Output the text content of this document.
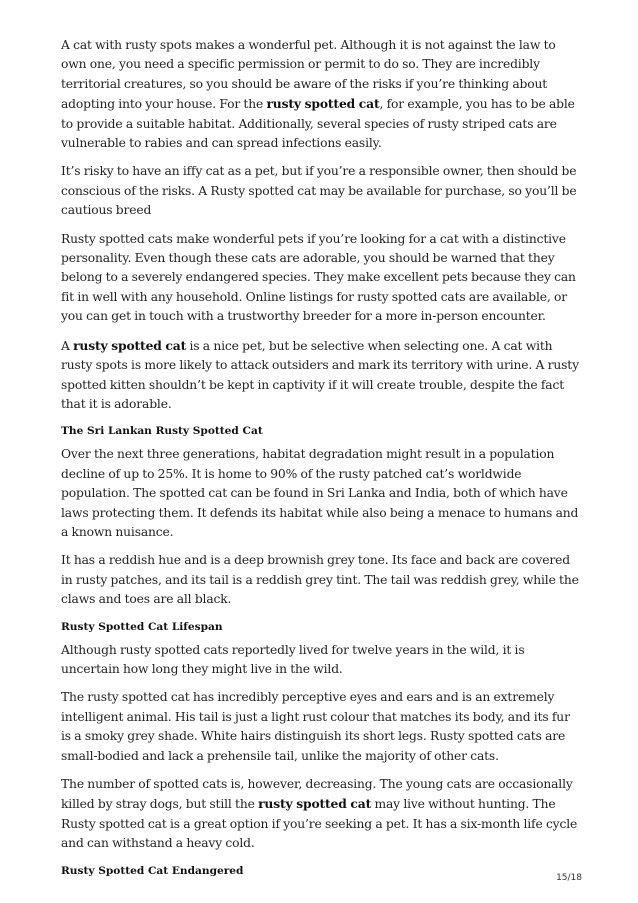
A cat with rusty spots makes a wonderful pet. Although it is not against the law to own one, you need a specific permission or permit to do so. They are incredibly territorial creatures, so you should be aware of the risks if you’re thinking about adopting into your house. For the rusty spotted cat, for example, you has to be able to provide a suitable habitat. Additionally, several species of rusty striped cats are vulnerable to rabies and can spread infections easily.

It’s risky to have an iffy cat as a pet, but if you’re a responsible owner, then should be conscious of the risks. A Rusty spotted cat may be available for purchase, so you’ll be cautious breed

Rusty spotted cats make wonderful pets if you’re looking for a cat with a distinctive personality. Even though these cats are adorable, you should be warned that they belong to a severely endangered species. They make excellent pets because they can fit in well with any household. Online listings for rusty spotted cats are available, or you can get in touch with a trustworthy breeder for a more in-person encounter.

A rusty spotted cat is a nice pet, but be selective when selecting one. A cat with rusty spots is more likely to attack outsiders and mark its territory with urine. A rusty spotted kitten shouldn’t be kept in captivity if it will create trouble, despite the fact that it is adorable.

The Sri Lankan Rusty Spotted Cat

Over the next three generations, habitat degradation might result in a population decline of up to 25%. It is home to 90% of the rusty patched cat’s worldwide population. The spotted cat can be found in Sri Lanka and India, both of which have laws protecting them. It defends its habitat while also being a menace to humans and a known nuisance.

It has a reddish hue and is a deep brownish grey tone. Its face and back are covered in rusty patches, and its tail is a reddish grey tint. The tail was reddish grey, while the claws and toes are all black.

Rusty Spotted Cat Lifespan

Although rusty spotted cats reportedly lived for twelve years in the wild, it is uncertain how long they might live in the wild.

The rusty spotted cat has incredibly perceptive eyes and ears and is an extremely intelligent animal. His tail is just a light rust colour that matches its body, and its fur is a smoky grey shade. White hairs distinguish its short legs. Rusty spotted cats are small-bodied and lack a prehensile tail, unlike the majority of other cats.

The number of spotted cats is, however, decreasing. The young cats are occasionally killed by stray dogs, but still the rusty spotted cat may live without hunting. The Rusty spotted cat is a great option if you’re seeking a pet. It has a six-month life cycle and can withstand a heavy cold.

Rusty Spotted Cat Endangered
15/18
